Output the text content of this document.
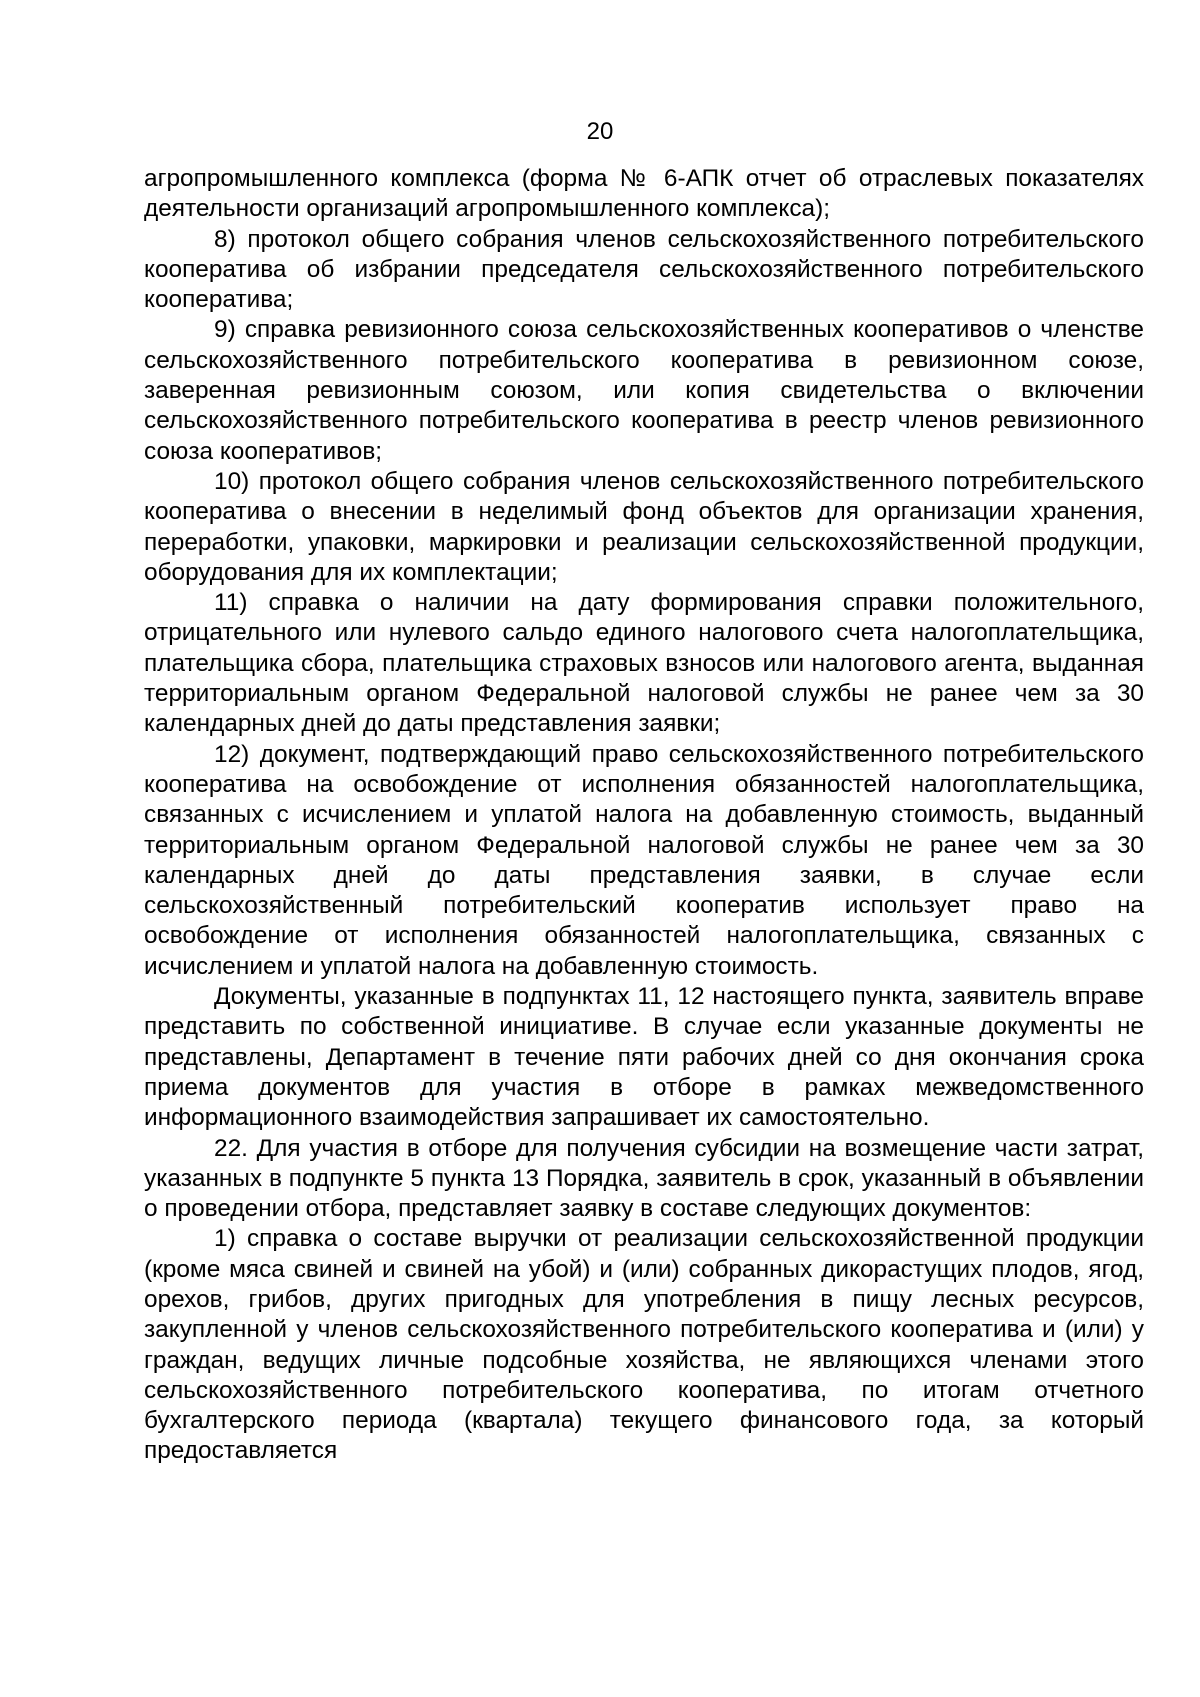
20

агропромышленного комплекса (форма № 6-АПК отчет об отраслевых показателях деятельности организаций агропромышленного комплекса);

8) протокол общего собрания членов сельскохозяйственного потребительского кооператива об избрании председателя сельскохозяйственного потребительского кооператива;

9) справка ревизионного союза сельскохозяйственных кооперативов о членстве сельскохозяйственного потребительского кооператива в ревизионном союзе, заверенная ревизионным союзом, или копия свидетельства о включении сельскохозяйственного потребительского кооператива в реестр членов ревизионного союза кооперативов;

10) протокол общего собрания членов сельскохозяйственного потребительского кооператива о внесении в неделимый фонд объектов для организации хранения, переработки, упаковки, маркировки и реализации сельскохозяйственной продукции, оборудования для их комплектации;

11) справка о наличии на дату формирования справки положительного, отрицательного или нулевого сальдо единого налогового счета налогоплательщика, плательщика сбора, плательщика страховых взносов или налогового агента, выданная территориальным органом Федеральной налоговой службы не ранее чем за 30 календарных дней до даты представления заявки;

12) документ, подтверждающий право сельскохозяйственного потребительского кооператива на освобождение от исполнения обязанностей налогоплательщика, связанных с исчислением и уплатой налога на добавленную стоимость, выданный территориальным органом Федеральной налоговой службы не ранее чем за 30 календарных дней до даты представления заявки, в случае если сельскохозяйственный потребительский кооператив использует право на освобождение от исполнения обязанностей налогоплательщика, связанных с исчислением и уплатой налога на добавленную стоимость.

Документы, указанные в подпунктах 11, 12 настоящего пункта, заявитель вправе представить по собственной инициативе. В случае если указанные документы не представлены, Департамент в течение пяти рабочих дней со дня окончания срока приема документов для участия в отборе в рамках межведомственного информационного взаимодействия запрашивает их самостоятельно.

22. Для участия в отборе для получения субсидии на возмещение части затрат, указанных в подпункте 5 пункта 13 Порядка, заявитель в срок, указанный в объявлении о проведении отбора, представляет заявку в составе следующих документов:

1) справка о составе выручки от реализации сельскохозяйственной продукции (кроме мяса свиней и свиней на убой) и (или) собранных дикорастущих плодов, ягод, орехов, грибов, других пригодных для употребления в пищу лесных ресурсов, закупленной у членов сельскохозяйственного потребительского кооператива и (или) у граждан, ведущих личные подсобные хозяйства, не являющихся членами этого сельскохозяйственного потребительского кооператива, по итогам отчетного бухгалтерского периода (квартала) текущего финансового года, за который предоставляется
